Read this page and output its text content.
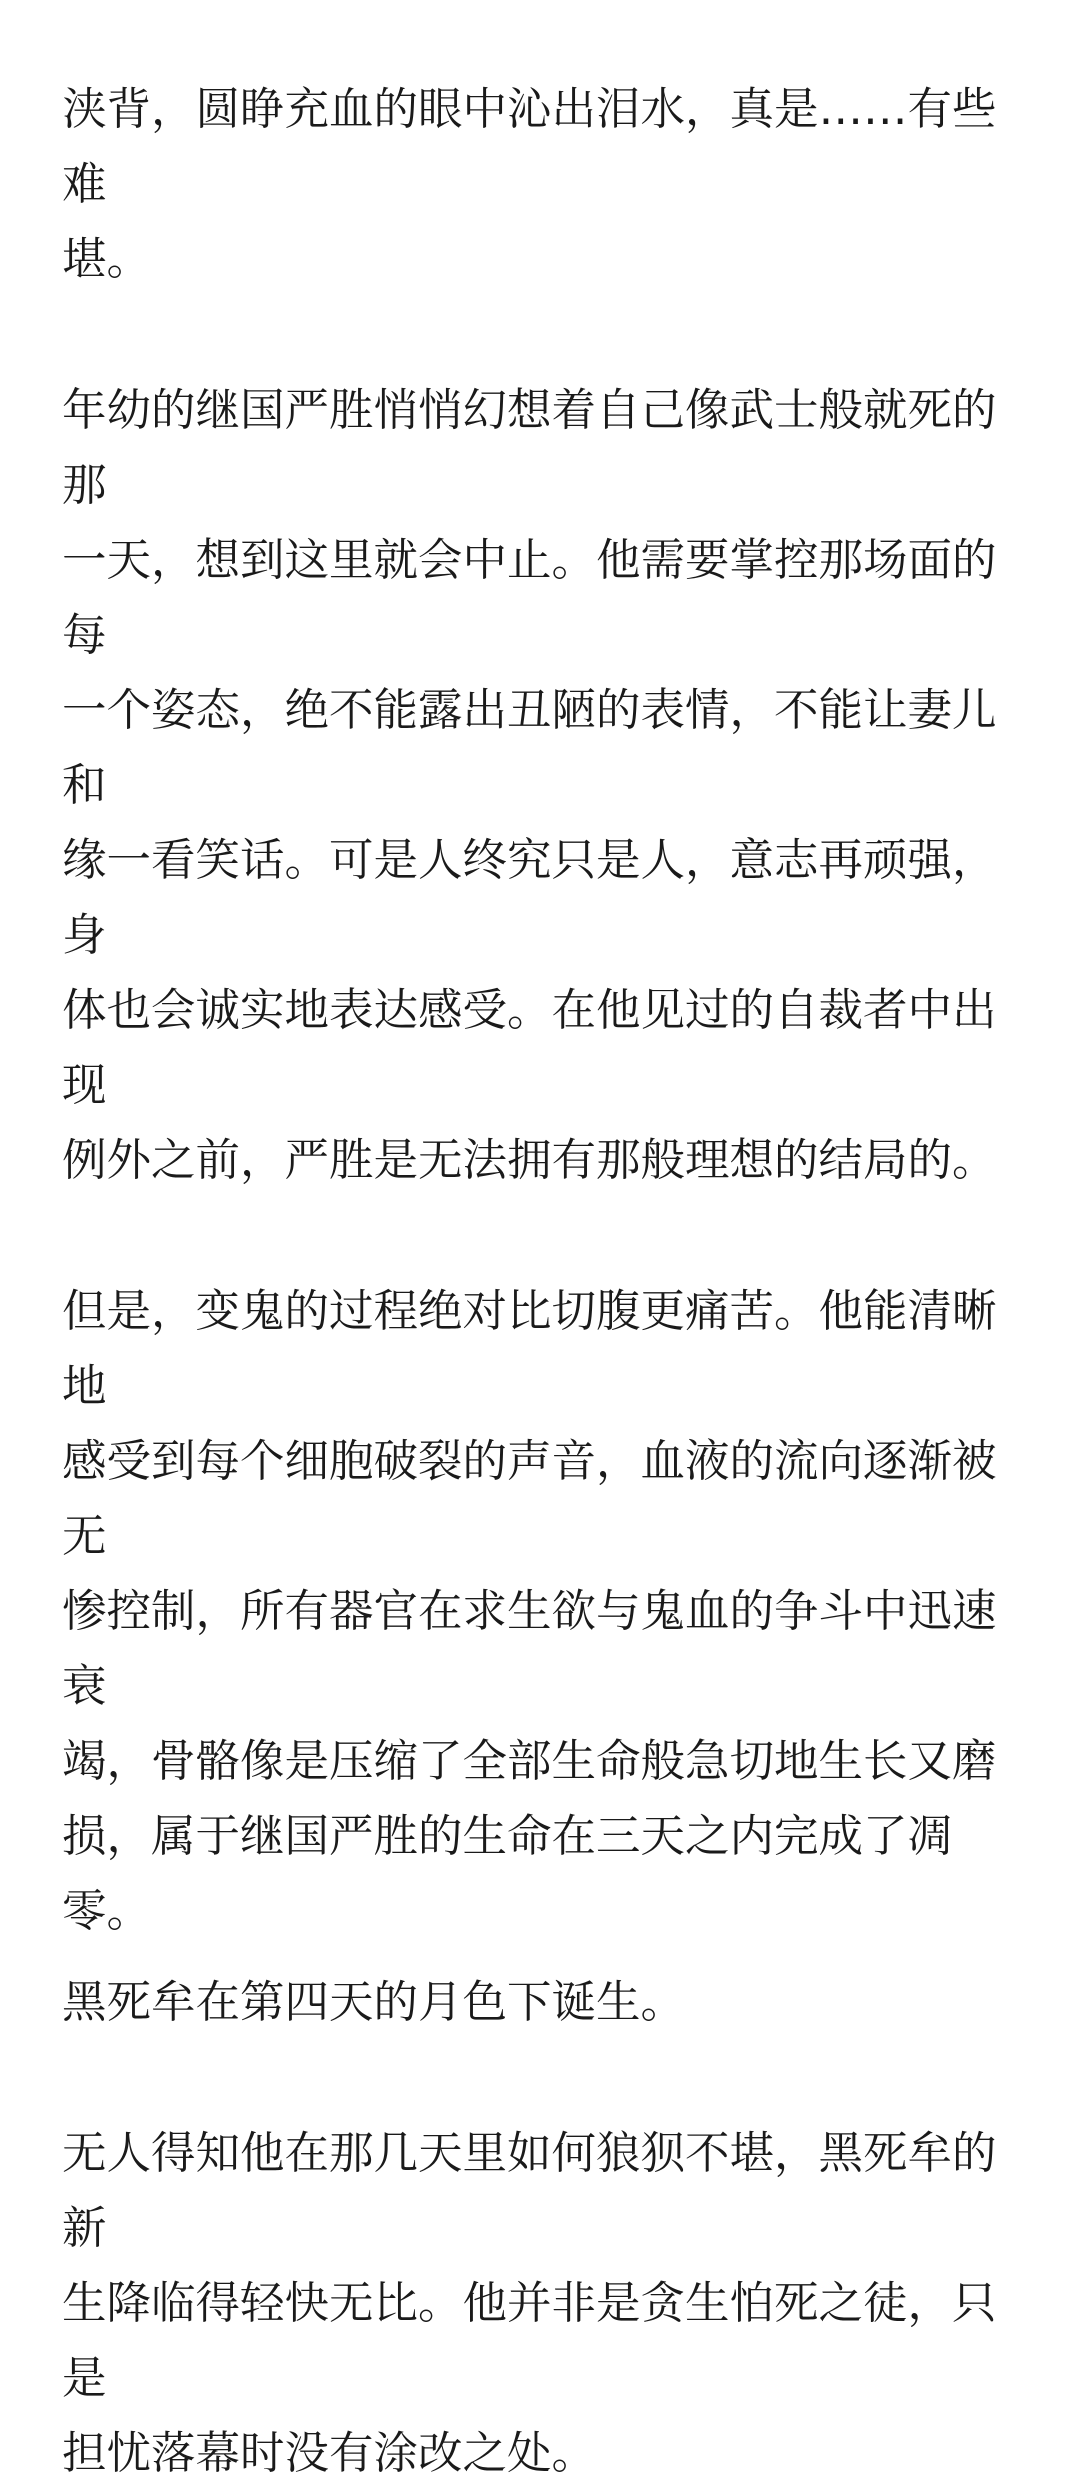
浃背，圆睁充血的眼中沁出泪水，真是……有些难
堪。

年幼的继国严胜悄悄幻想着自己像武士般就死的那
一天，想到这里就会中止。他需要掌控那场面的每
一个姿态，绝不能露出丑陋的表情，不能让妻儿和
缘一看笑话。可是人终究只是人，意志再顽强，身
体也会诚实地表达感受。在他见过的自裁者中出现
例外之前，严胜是无法拥有那般理想的结局的。

但是，变鬼的过程绝对比切腹更痛苦。他能清晰地
感受到每个细胞破裂的声音，血液的流向逐渐被无
惨控制，所有器官在求生欲与鬼血的争斗中迅速衰
竭，骨骼像是压缩了全部生命般急切地生长又磨
损，属于继国严胜的生命在三天之内完成了凋零。

黑死牟在第四天的月色下诞生。

无人得知他在那几天里如何狼狈不堪，黑死牟的新
生降临得轻快无比。他并非是贪生怕死之徒，只是
担忧落幕时没有涂改之处。
